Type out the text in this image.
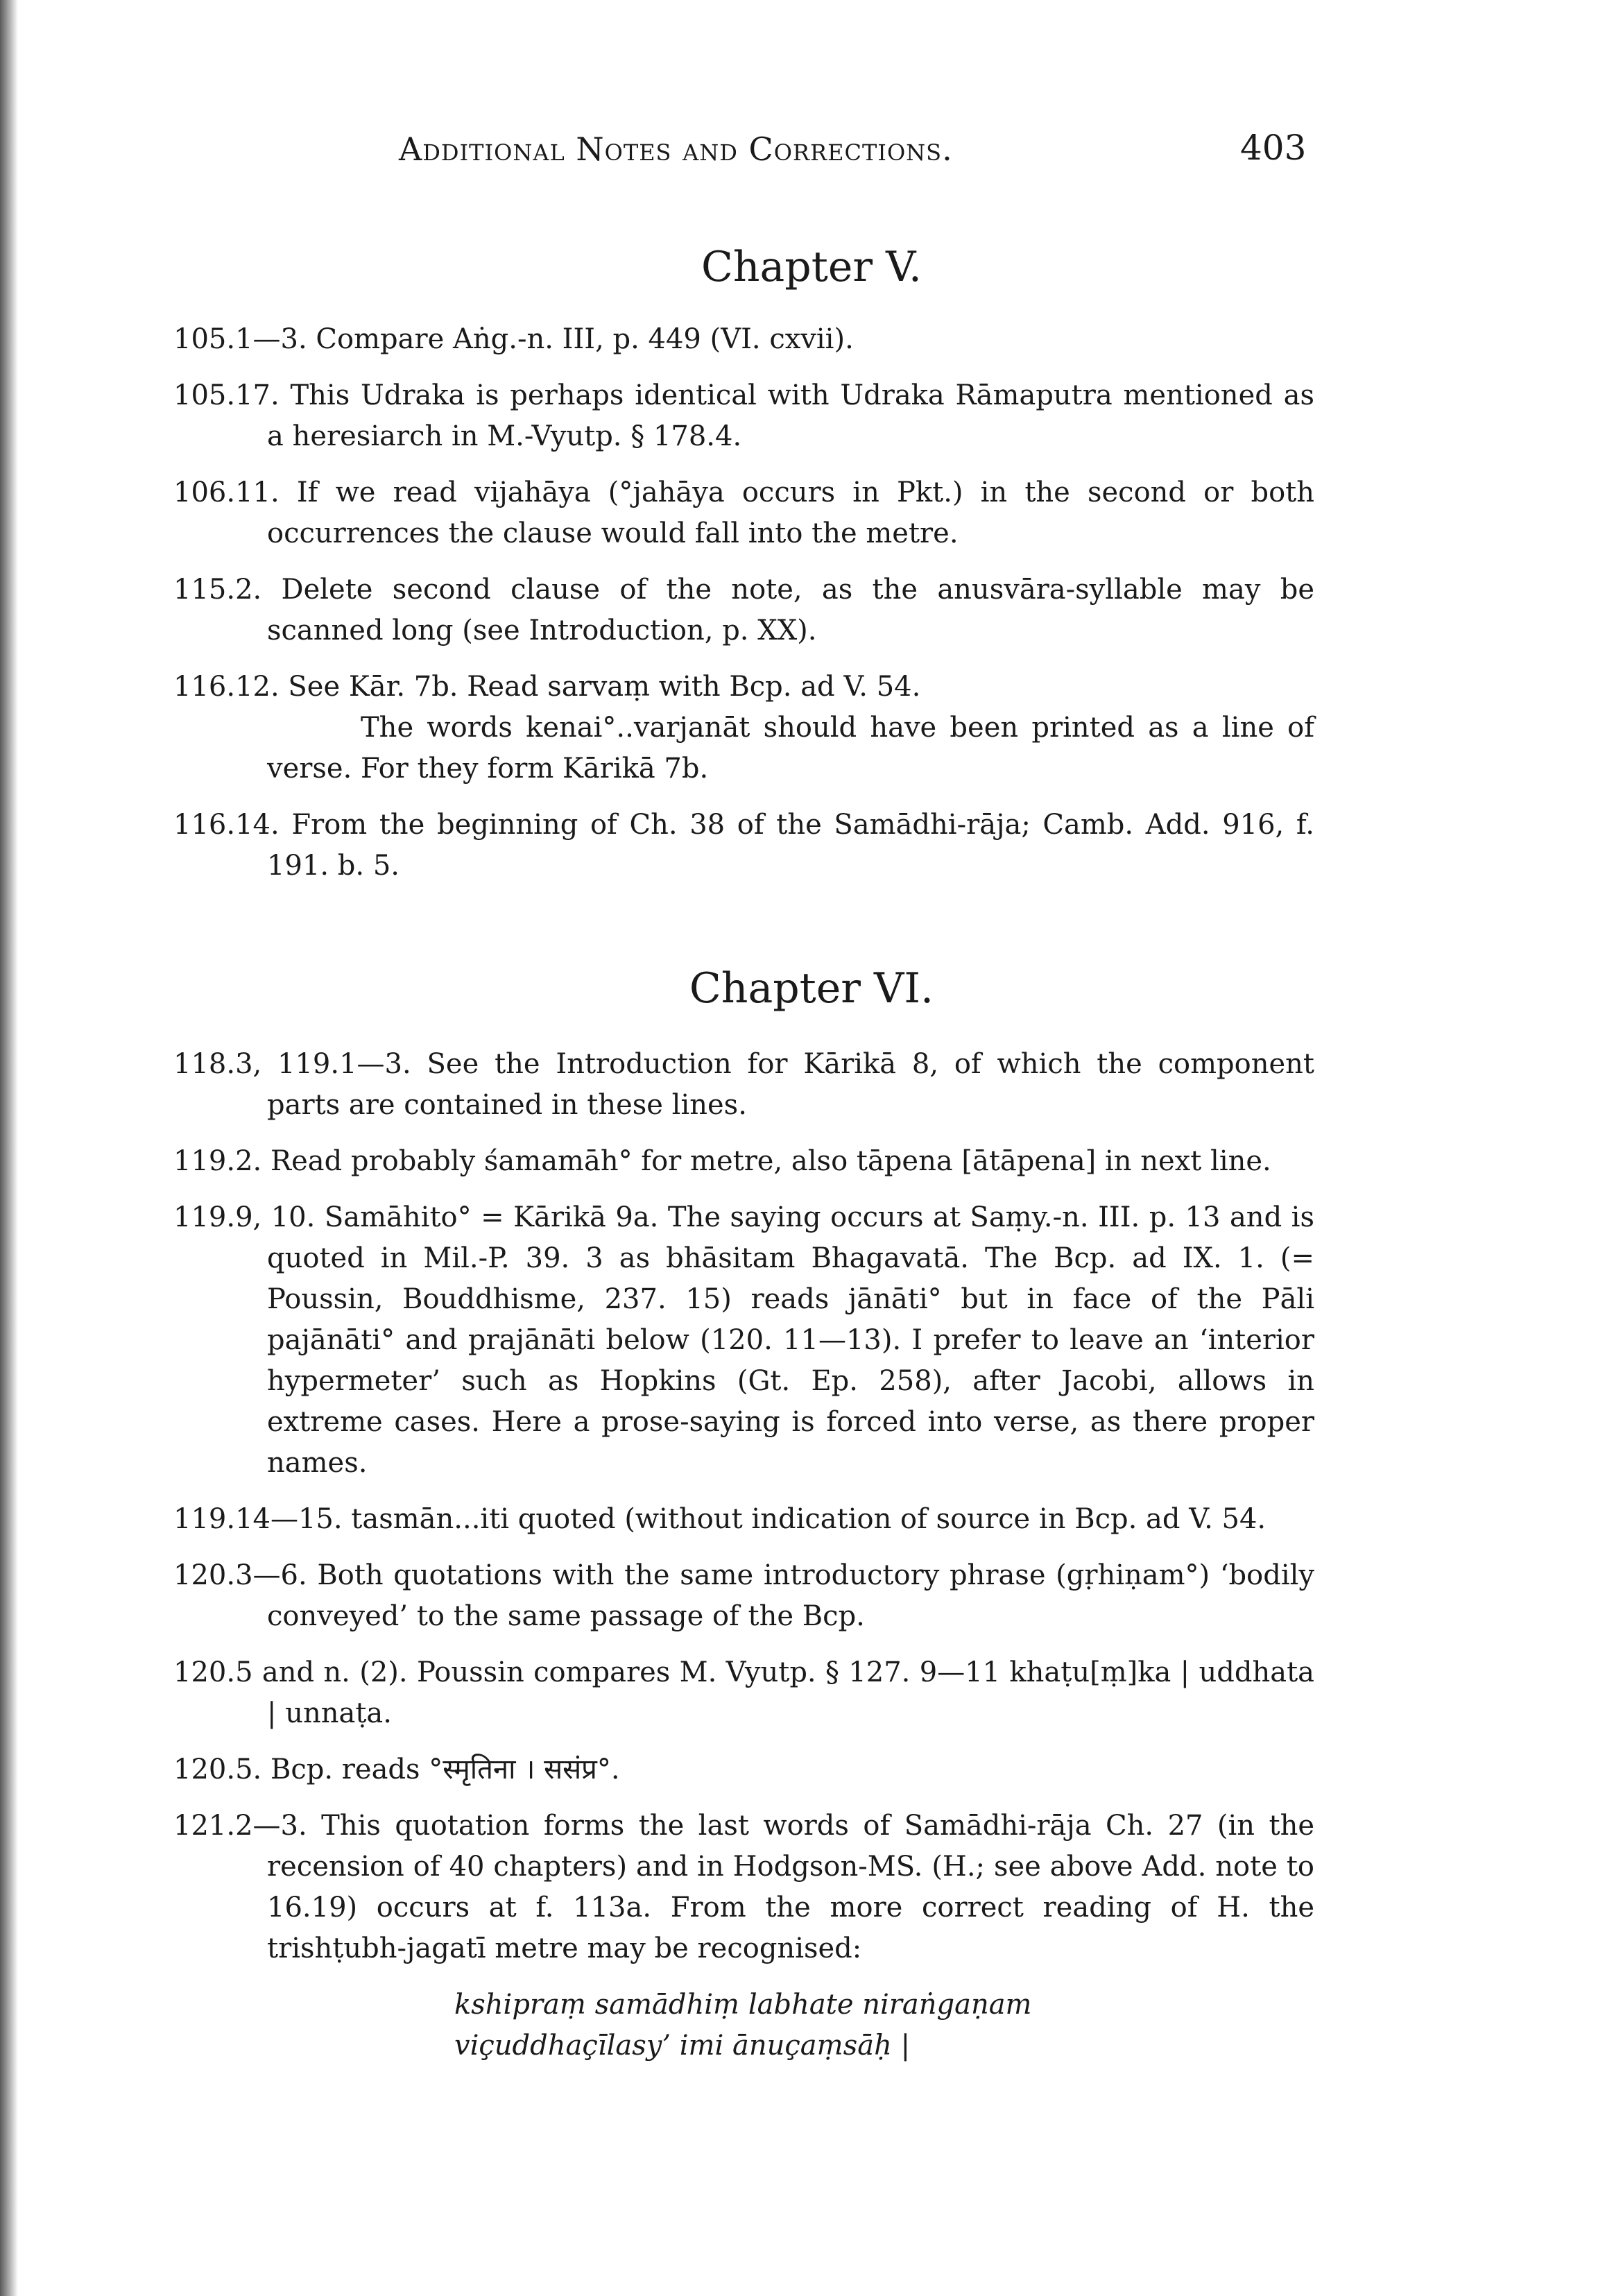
Additional Notes and Corrections.	403
Chapter V.
105.1—3. Compare Aṅg.-n. III, p. 449 (VI. cxvii).
105.17. This Udraka is perhaps identical with Udraka Rāmaputra mentioned as a heresiarch in M.-Vyutp. § 178.4.
106.11. If we read vijahāya (°jahāya occurs in Pkt.) in the second or both occurrences the clause would fall into the metre.
115.2. Delete second clause of the note, as the anusvāra-syllable may be scanned long (see Introduction, p. XX).
116.12. See Kār. 7b. Read sarvaṃ with Bcp. ad V. 54.
The words kenai°..varjanāt should have been printed as a line of verse. For they form Kārikā 7b.
116.14. From the beginning of Ch. 38 of the Samādhi-rāja; Camb. Add. 916, f. 191. b. 5.
Chapter VI.
118.3, 119.1—3. See the Introduction for Kārikā 8, of which the component parts are contained in these lines.
119.2. Read probably śamamāh° for metre, also tāpena [ātāpena] in next line.
119.9, 10. Samāhito° = Kārikā 9a. The saying occurs at Saṃy.-n. III. p. 13 and is quoted in Mil.-P. 39. 3 as bhāsitam Bhagavatā. The Bcp. ad IX. 1. (= Poussin, Bouddhisme, 237. 15) reads jānāti° but in face of the Pāli pajānāti° and prajānāti below (120. 11—13). I prefer to leave an ‘interior hypermeter’ such as Hopkins (Gt. Ep. 258), after Jacobi, allows in extreme cases. Here a prose-saying is forced into verse, as there proper names.
119.14—15. tasmān...iti quoted (without indication of source in Bcp. ad V. 54.
120.3—6. Both quotations with the same introductory phrase (gṛhiṇam°) ‘bodily conveyed’ to the same passage of the Bcp.
120.5 and n. (2). Poussin compares M. Vyutp. § 127. 9—11 khaṭu[ṃ]ka | uddhata | unnaṭa.
120.5. Bcp. reads °स्मृतिना । ससंप्र°.
121.2—3. This quotation forms the last words of Samādhi-rāja Ch. 27 (in the recension of 40 chapters) and in Hodgson-MS. (H.; see above Add. note to 16.19) occurs at f. 113a. From the more correct reading of H. the trishṭubh-jagatī metre may be recognised:
kshipraṃ samādhiṃ labhate niraṅgaṇam
viçuddhaçīlasy’ imi ānuçaṃsāḥ |
